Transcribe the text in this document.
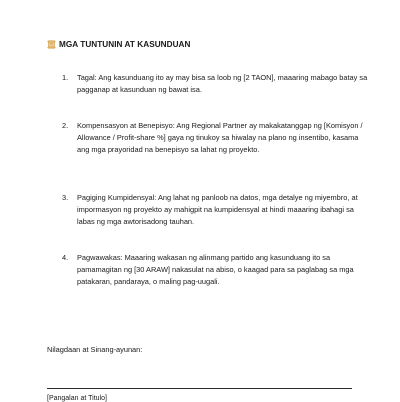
MGA TUNTUNIN AT KASUNDUAN
1. Tagal: Ang kasunduang ito ay may bisa sa loob ng [2 TAON], maaaring mabago batay sa pagganap at kasunduan ng bawat isa.
2. Kompensasyon at Benepisyo: Ang Regional Partner ay makakatanggap ng [Komisyon / Allowance / Profit-share %] gaya ng tinukoy sa hiwalay na plano ng insentibo, kasama ang mga prayoridad na benepisyo sa lahat ng proyekto.
3. Pagiging Kumpidensyal: Ang lahat ng panloob na datos, mga detalye ng miyembro, at impormasyon ng proyekto ay mahigpit na kumpidensyal at hindi maaaring ibahagi sa labas ng mga awtorisadong tauhan.
4. Pagwawakas: Maaaring wakasan ng alinmang partido ang kasunduang ito sa pamamagitan ng [30 ARAW] nakasulat na abiso, o kaagad para sa paglabag sa mga patakaran, pandaraya, o maling pag-uugali.
Nilagdaan at Sinang-ayunan:
[Pangalan at Titulo]
